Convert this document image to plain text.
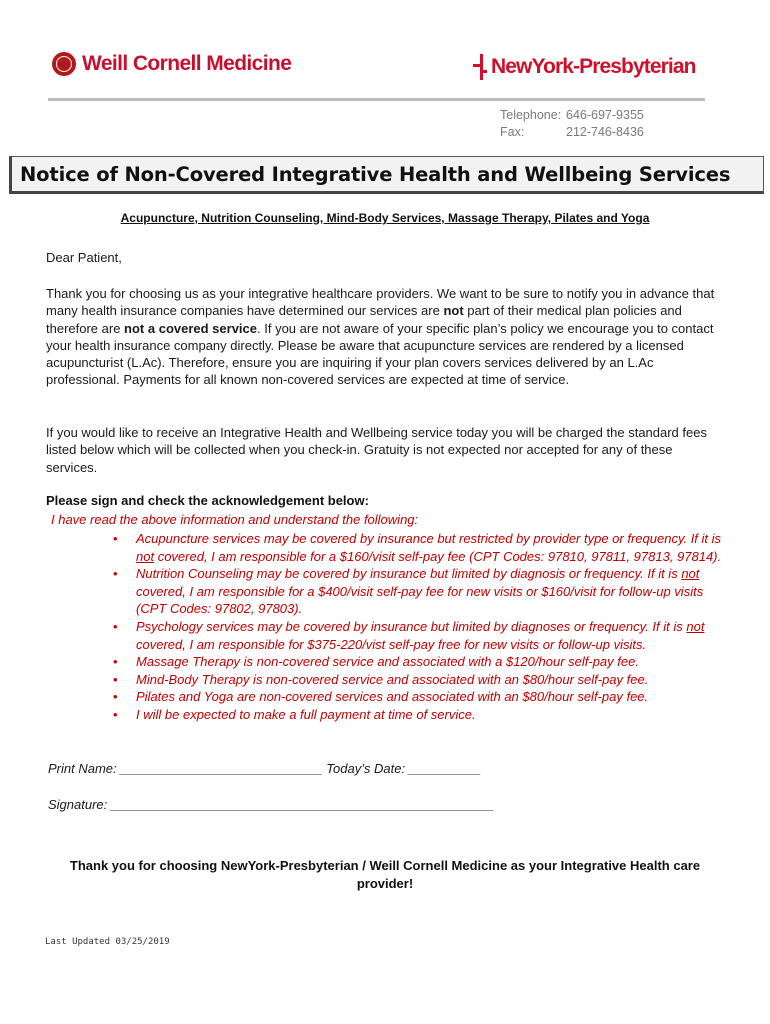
Weill Cornell Medicine	NewYork-Presbyterian
Telephone: 646-697-9355
Fax:	212-746-8436
Notice of Non-Covered Integrative Health and Wellbeing Services
Acupuncture, Nutrition Counseling, Mind-Body Services, Massage Therapy, Pilates and Yoga
Dear Patient,
Thank you for choosing us as your integrative healthcare providers. We want to be sure to notify you in advance that many health insurance companies have determined our services are not part of their medical plan policies and therefore are not a covered service. If you are not aware of your specific plan’s policy we encourage you to contact your health insurance company directly. Please be aware that acupuncture services are rendered by a licensed acupuncturist (L.Ac). Therefore, ensure you are inquiring if your plan covers services delivered by an L.Ac professional. Payments for all known non-covered services are expected at time of service.
If you would like to receive an Integrative Health and Wellbeing service today you will be charged the standard fees listed below which will be collected when you check-in. Gratuity is not expected nor accepted for any of these services.
Please sign and check the acknowledgement below:
I have read the above information and understand the following:
• Acupuncture services may be covered by insurance but restricted by provider type or frequency. If it is not covered, I am responsible for a $160/visit self-pay fee (CPT Codes: 97810, 97811, 97813, 97814).
• Nutrition Counseling may be covered by insurance but limited by diagnosis or frequency. If it is not covered, I am responsible for a $400/visit self-pay fee for new visits or $160/visit for follow-up visits (CPT Codes: 97802, 97803).
• Psychology services may be covered by insurance but limited by diagnoses or frequency. If it is not covered, I am responsible for $375-220/vist self-pay free for new visits or follow-up visits.
• Massage Therapy is non-covered service and associated with a $120/hour self-pay fee.
• Mind-Body Therapy is non-covered service and associated with an $80/hour self-pay fee.
• Pilates and Yoga are non-covered services and associated with an $80/hour self-pay fee.
• I will be expected to make a full payment at time of service.
Print Name: ____________________________ Today’s Date: __________
Signature: _____________________________________________________
Thank you for choosing NewYork-Presbyterian / Weill Cornell Medicine as your Integrative Health care
provider!
Last Updated 03/25/2019
